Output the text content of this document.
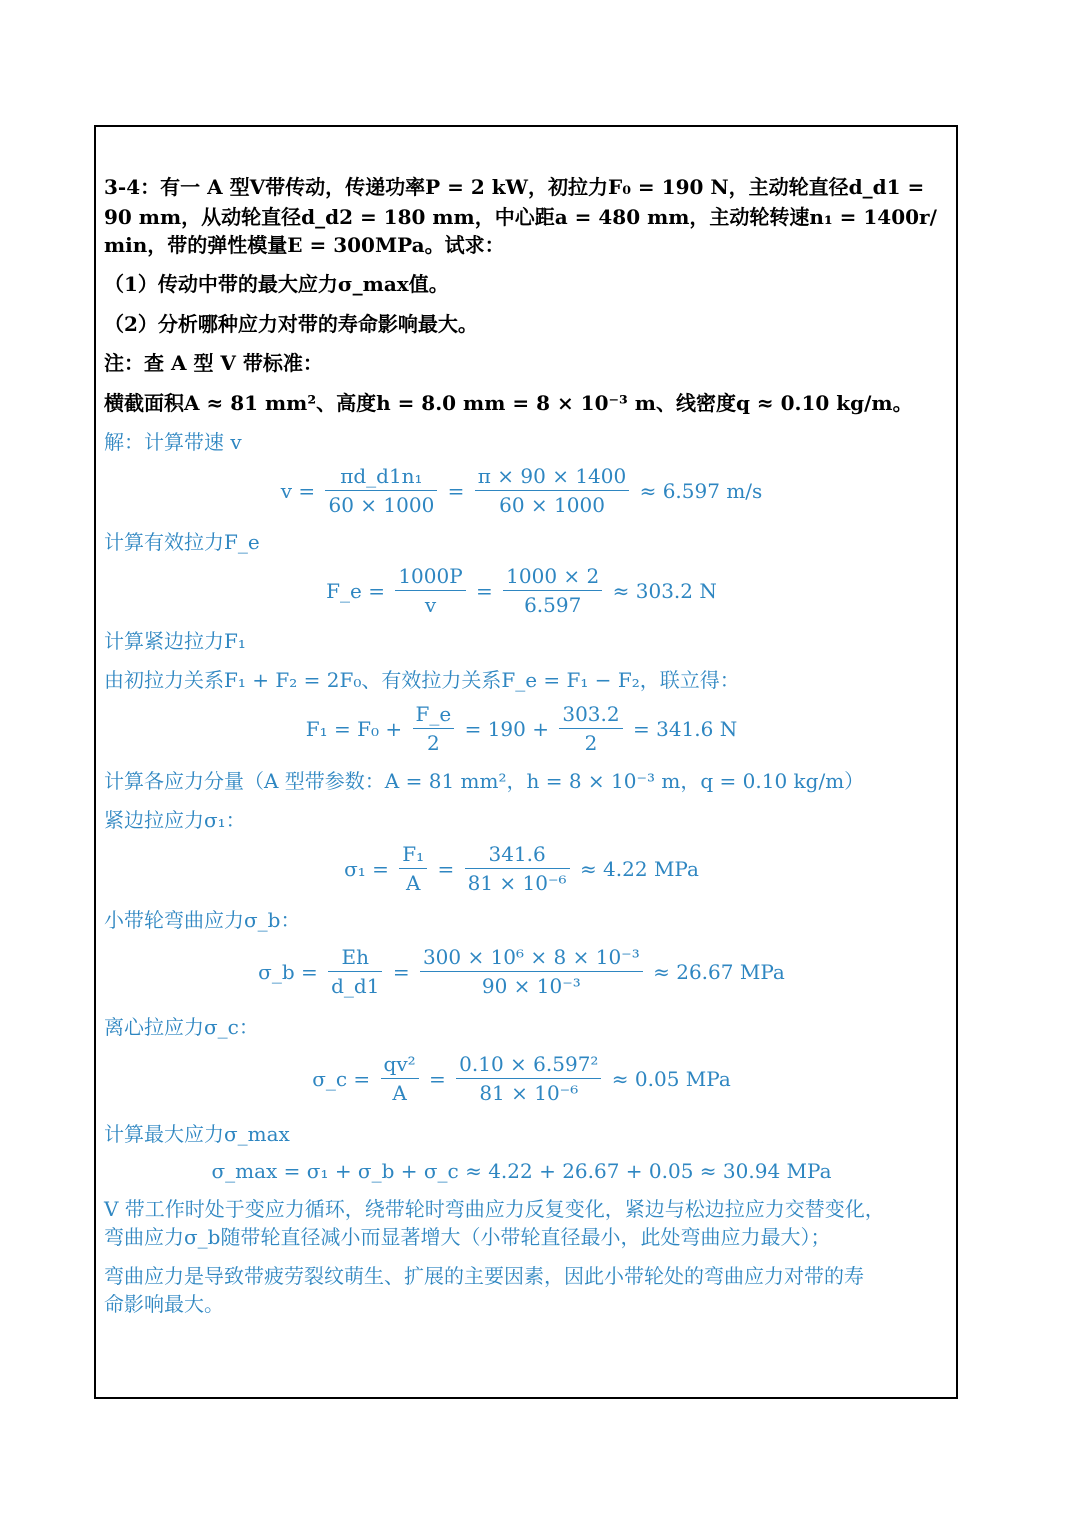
3-4：有一 A 型V带传动，传递功率P = 2 kW，初拉力F₀ = 190 N，主动轮直径d_d1 =
90 mm，从动轮直径d_d2 = 180 mm，中心距a = 480 mm，主动轮转速n₁ = 1400r/
min，带的弹性模量E = 300MPa。试求：
（1）传动中带的最大应力σ_max值。
（2）分析哪种应力对带的寿命影响最大。
注：查 A 型 V 带标准：
横截面积A ≈ 81 mm²、高度h = 8.0 mm = 8 × 10⁻³ m、线密度q ≈ 0.10 kg/m。
解：计算带速 v
$v = \frac{\text{πd\_d1n₁}}{60 \times 1000} = \frac{\pi \times 90 \times 1400}{60 \times 1000} \approx 6.597$ m/s
计算有效拉力F_e
F_e = $\frac{1000P}{v} = \frac{1000 \times 2}{6.597} \approx 303.2$ N
计算紧边拉力F₁
由初拉力关系F₁ + F₂ = 2F₀、有效拉力关系F_e = F₁ − F₂，联立得：
$F_1 = F_0 + \frac{F\_e}{2} = 190 + \frac{303.2}{2} = 341.6$ N
计算各应力分量（A 型带参数：A = 81 mm²，h = 8 × 10⁻³ m，q = 0.10 kg/m）
紧边拉应力σ₁：
$\sigma_1 = \frac{\text{F₁}}{A} = \frac{341.6}{\text{81 × 10⁻⁶}} \approx 4.22$ MPa
小带轮弯曲应力σ_b：
σ_b = $\frac{Eh}{d\_d1} = \frac{\text{300 × 10⁶ × 8 × 10⁻³}}{\text{90 × 10⁻³}} \approx 26.67$ MPa
离心拉应力σ_c：
σ_c = $\frac{\text{qv²}}{A} = \frac{\text{0.10 × 6.597²}}{\text{81 × 10⁻⁶}} \approx 0.05$ MPa
计算最大应力σ_max
σ_max = σ₁ + σ_b + σ_c ≈ 4.22 + 26.67 + 0.05 ≈ 30.94 MPa
V 带工作时处于变应力循环，绕带轮时弯曲应力反复变化，紧边与松边拉应力交替变化，
弯曲应力σ_b随带轮直径减小而显著增大（小带轮直径最小，此处弯曲应力最大）；
弯曲应力是导致带疲劳裂纹萌生、扩展的主要因素，因此小带轮处的弯曲应力对带的寿
命影响最大。
